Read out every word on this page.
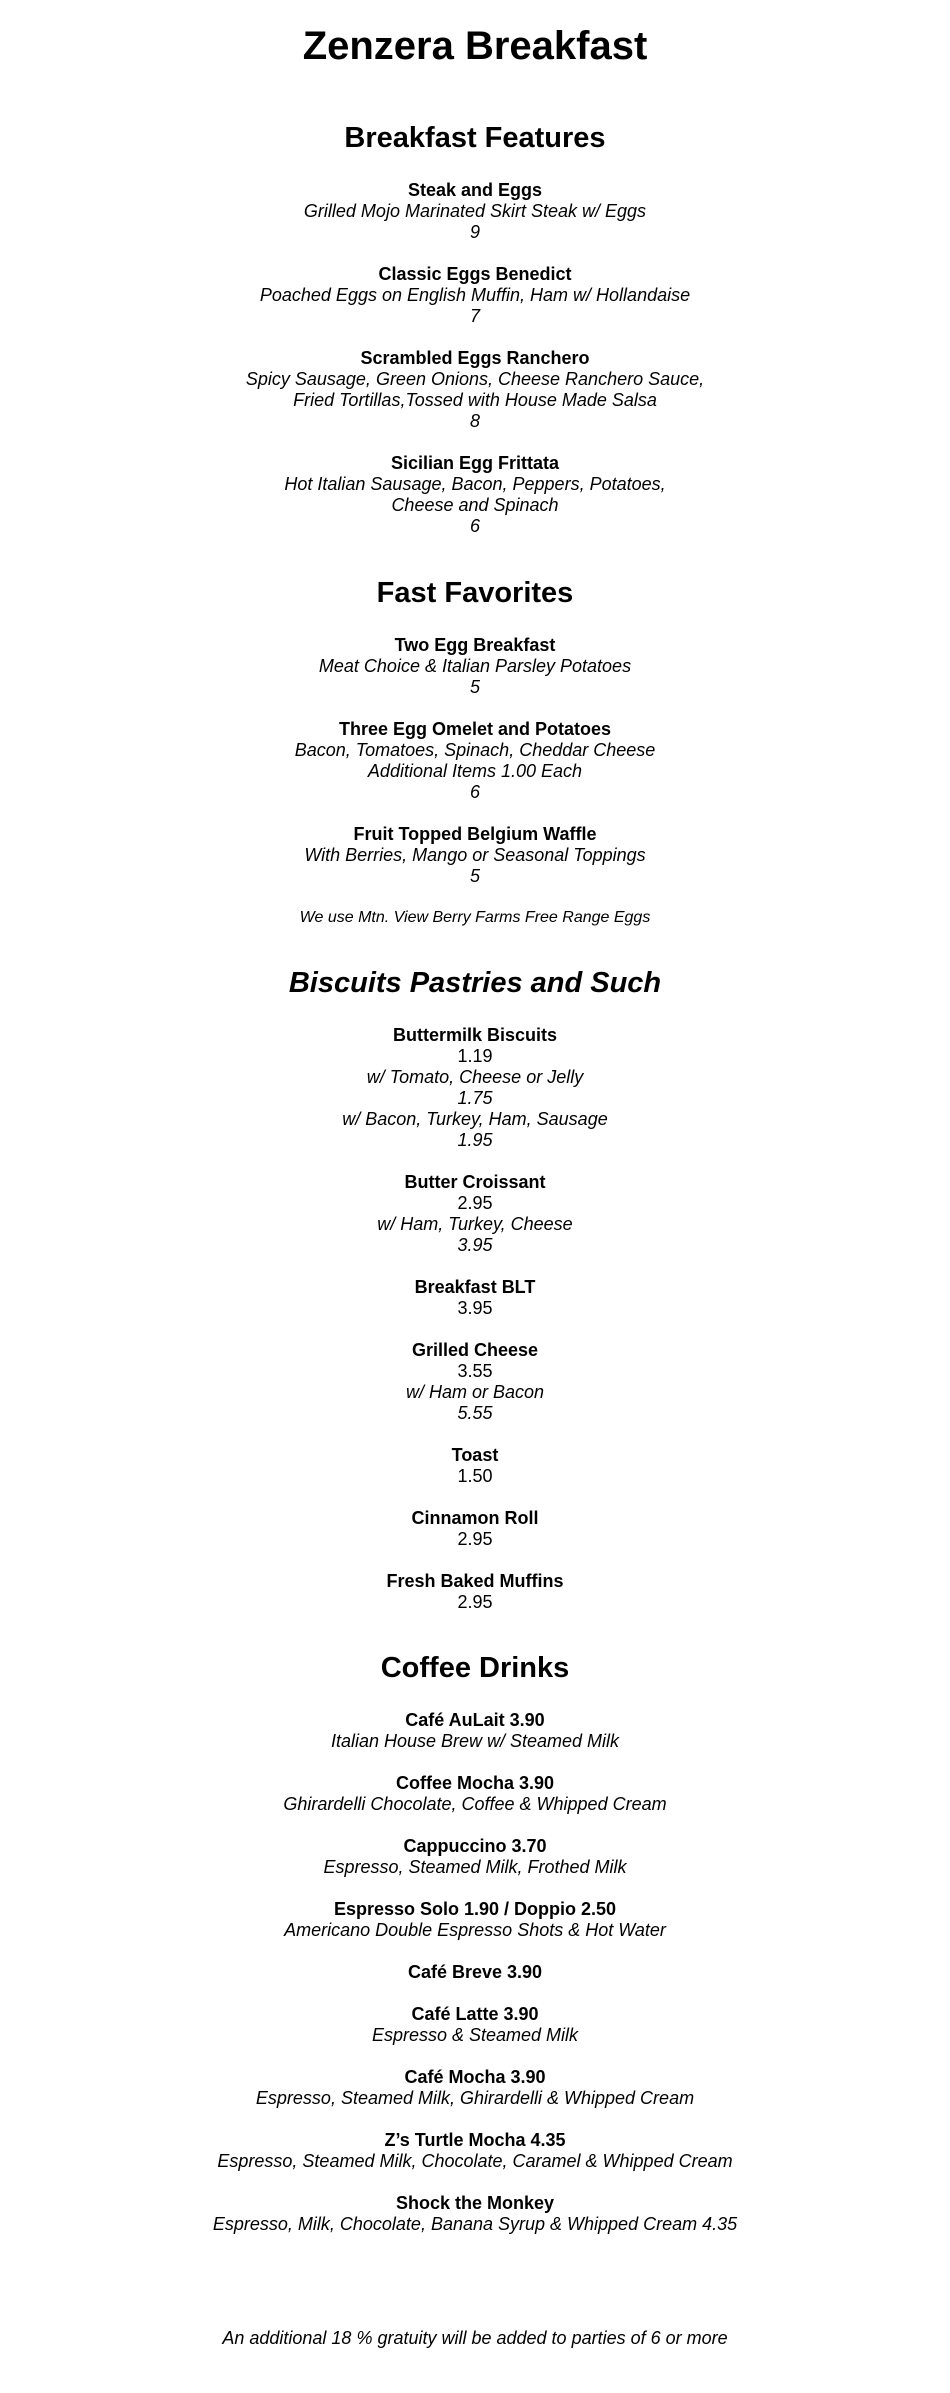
Zenzera Breakfast
Breakfast Features
Steak and Eggs
Grilled Mojo Marinated Skirt Steak w/ Eggs
9
Classic Eggs Benedict
Poached Eggs on English Muffin, Ham w/ Hollandaise
7
Scrambled Eggs Ranchero
Spicy Sausage, Green Onions, Cheese Ranchero Sauce,
Fried Tortillas,Tossed with House Made Salsa
8
Sicilian Egg Frittata
Hot Italian Sausage, Bacon, Peppers, Potatoes,
Cheese and Spinach
6
Fast Favorites
Two Egg Breakfast
Meat Choice & Italian Parsley Potatoes
5
Three Egg Omelet and Potatoes
Bacon, Tomatoes, Spinach, Cheddar Cheese
Additional Items 1.00 Each
6
Fruit Topped Belgium Waffle
With Berries, Mango or Seasonal Toppings
5
We use Mtn. View Berry Farms Free Range Eggs
Biscuits Pastries and Such
Buttermilk Biscuits
1.19
w/ Tomato, Cheese or Jelly
1.75
w/ Bacon, Turkey, Ham, Sausage
1.95
Butter Croissant
2.95
w/ Ham, Turkey, Cheese
3.95
Breakfast BLT
3.95
Grilled Cheese
3.55
w/ Ham or Bacon
5.55
Toast
1.50
Cinnamon Roll
2.95
Fresh Baked Muffins
2.95
Coffee Drinks
Café AuLait 3.90
Italian House Brew w/ Steamed Milk
Coffee Mocha 3.90
Ghirardelli Chocolate, Coffee & Whipped Cream
Cappuccino 3.70
Espresso, Steamed Milk, Frothed Milk
Espresso Solo 1.90 / Doppio 2.50
Americano Double Espresso Shots & Hot Water
Café Breve 3.90
Café Latte 3.90
Espresso & Steamed Milk
Café Mocha 3.90
Espresso, Steamed Milk, Ghirardelli & Whipped Cream
Z’s Turtle Mocha 4.35
Espresso, Steamed Milk, Chocolate, Caramel & Whipped Cream
Shock the Monkey
Espresso, Milk, Chocolate, Banana Syrup & Whipped Cream 4.35
An additional 18 % gratuity will be added to parties of 6 or more
